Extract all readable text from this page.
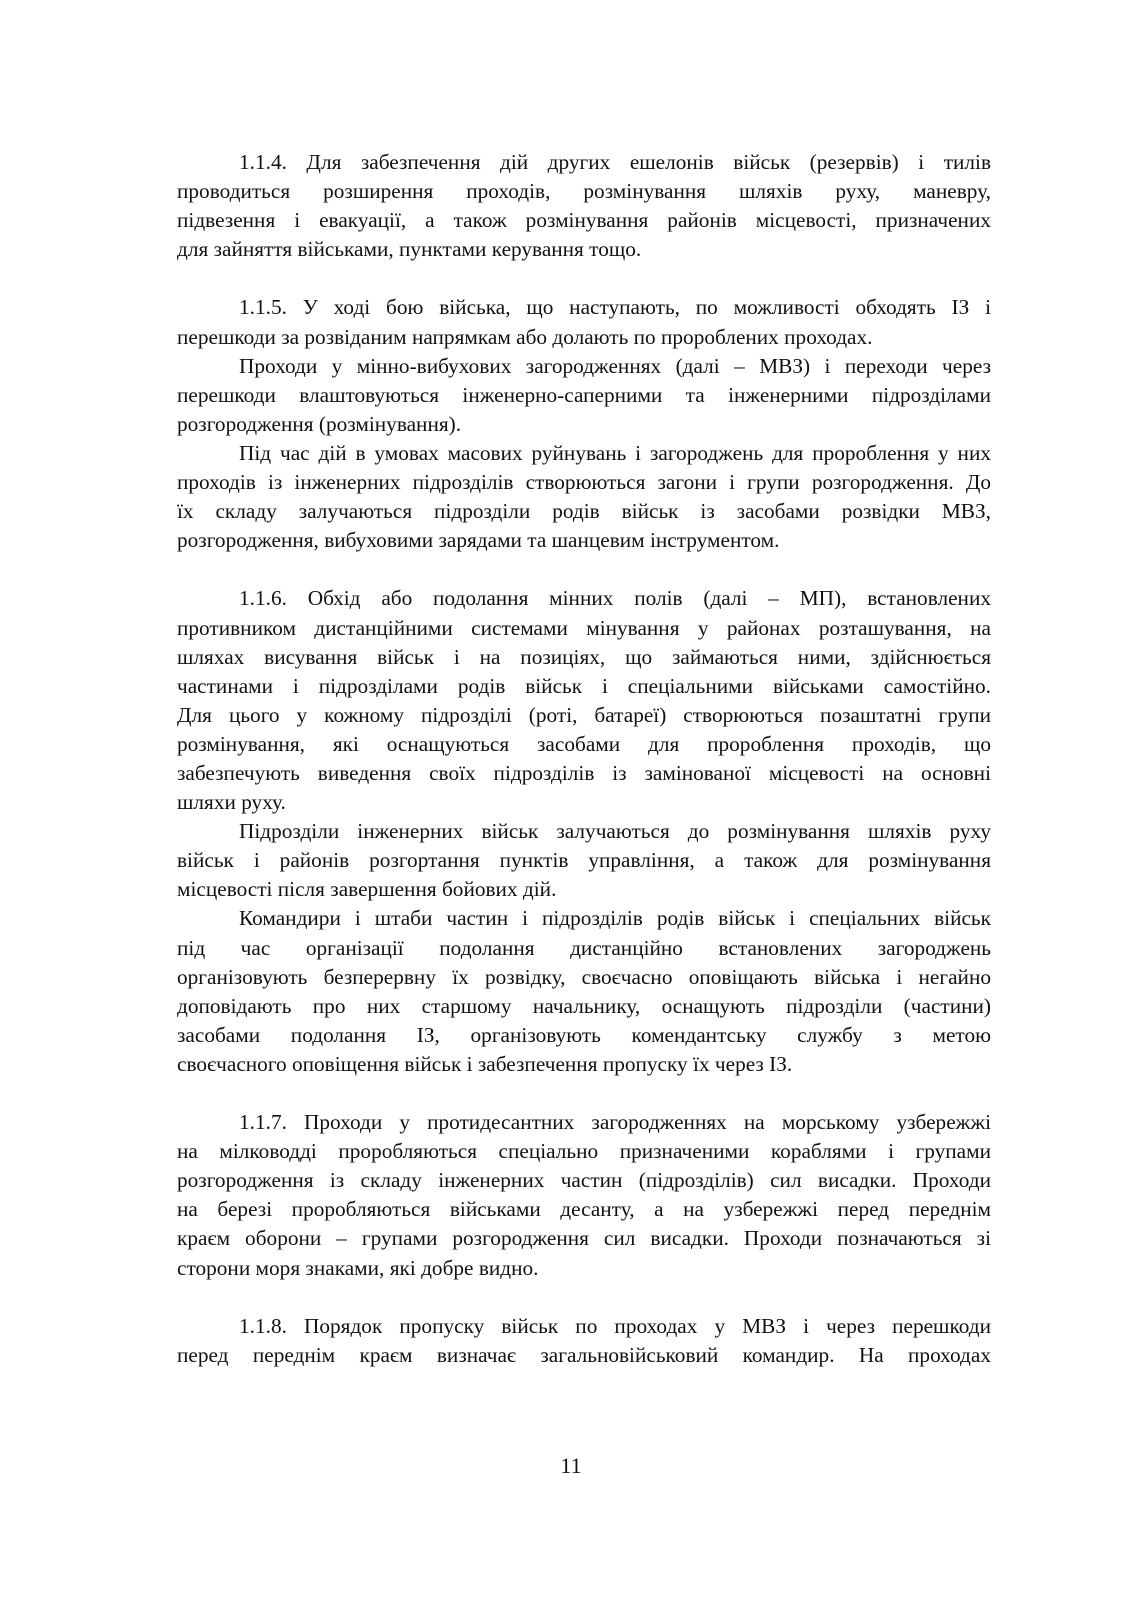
1.1.4. Для забезпечення дій других ешелонів військ (резервів) і тилів
проводиться розширення проходів, розмінування шляхів руху, маневру,
підвезення і евакуації, а також розмінування районів місцевості, призначених
для зайняття військами, пунктами керування тощо.
1.1.5. У ході бою війська, що наступають, по можливості обходять ІЗ і
перешкоди за розвіданим напрямкам або долають по пророблених проходах.
Проходи у мінно-вибухових загородженнях (далі – МВЗ) і переходи через
перешкоди влаштовуються інженерно-саперними та інженерними підрозділами
розгородження (розмінування).
Під час дій в умовах масових руйнувань і загороджень для пророблення у них
проходів із інженерних підрозділів створюються загони і групи розгородження. До
їх складу залучаються підрозділи родів військ із засобами розвідки МВЗ,
розгородження, вибуховими зарядами та шанцевим інструментом.
1.1.6. Обхід або подолання мінних полів (далі – МП), встановлених
противником дистанційними системами мінування у районах розташування, на
шляхах висування військ і на позиціях, що займаються ними, здійснюється
частинами і підрозділами родів військ і спеціальними військами самостійно.
Для цього у кожному підрозділі (роті, батареї) створюються позаштатні групи
розмінування, які оснащуються засобами для пророблення проходів, що
забезпечують виведення своїх підрозділів із замінованої місцевості на основні
шляхи руху.
Підрозділи інженерних військ залучаються до розмінування шляхів руху
військ і районів розгортання пунктів управління, а також для розмінування
місцевості після завершення бойових дій.
Командири і штаби частин і підрозділів родів військ і спеціальних військ
під час організації подолання дистанційно встановлених загороджень
організовують безперервну їх розвідку, своєчасно оповіщають війська і негайно
доповідають про них старшому начальнику, оснащують підрозділи (частини)
засобами подолання ІЗ, організовують комендантську службу з метою
своєчасного оповіщення військ і забезпечення пропуску їх через ІЗ.
1.1.7. Проходи у протидесантних загородженнях на морському узбережжі
на мілководді проробляються спеціально призначеними кораблями і групами
розгородження із складу інженерних частин (підрозділів) сил висадки. Проходи
на березі проробляються військами десанту, а на узбережжі перед переднім
краєм оборони – групами розгородження сил висадки. Проходи позначаються зі
сторони моря знаками, які добре видно.
1.1.8. Порядок пропуску військ по проходах у МВЗ і через перешкоди
перед переднім краєм визначає загальновійськовий командир. На проходах
11
